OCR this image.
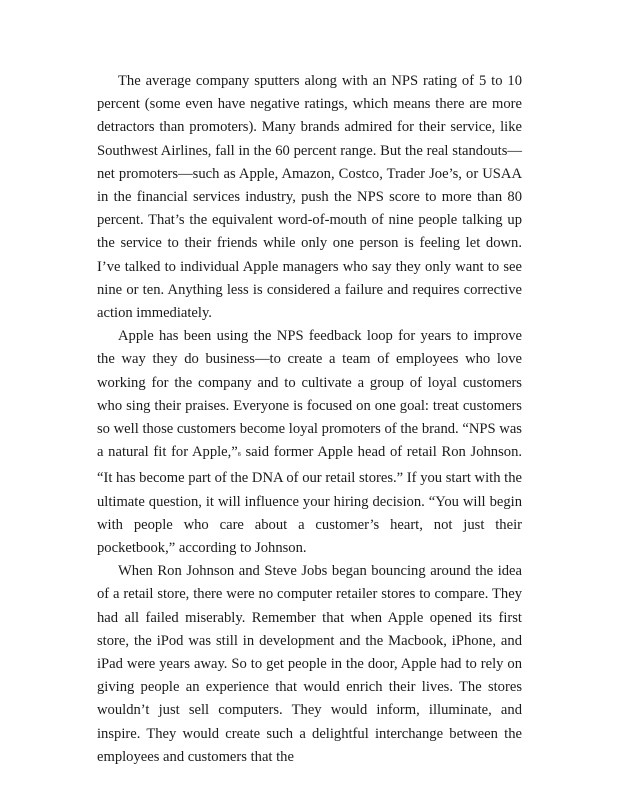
The average company sputters along with an NPS rating of 5 to 10 percent (some even have negative ratings, which means there are more detractors than promoters). Many brands admired for their service, like Southwest Airlines, fall in the 60 percent range. But the real standouts—net promoters—such as Apple, Amazon, Costco, Trader Joe’s, or USAA in the financial services industry, push the NPS score to more than 80 percent. That’s the equivalent word-of-mouth of nine people talking up the service to their friends while only one person is feeling let down. I’ve talked to individual Apple managers who say they only want to see nine or ten. Anything less is considered a failure and requires corrective action immediately.

Apple has been using the NPS feedback loop for years to improve the way they do business—to create a team of employees who love working for the company and to cultivate a group of loyal customers who sing their praises. Everyone is focused on one goal: treat customers so well those customers become loyal promoters of the brand. “NPS was a natural fit for Apple,”8 said former Apple head of retail Ron Johnson. “It has become part of the DNA of our retail stores.” If you start with the ultimate question, it will influence your hiring decision. “You will begin with people who care about a customer’s heart, not just their pocketbook,” according to Johnson.

When Ron Johnson and Steve Jobs began bouncing around the idea of a retail store, there were no computer retailer stores to compare. They had all failed miserably. Remember that when Apple opened its first store, the iPod was still in development and the Macbook, iPhone, and iPad were years away. So to get people in the door, Apple had to rely on giving people an experience that would enrich their lives. The stores wouldn’t just sell computers. They would inform, illuminate, and inspire. They would create such a delightful interchange between the employees and customers that the
